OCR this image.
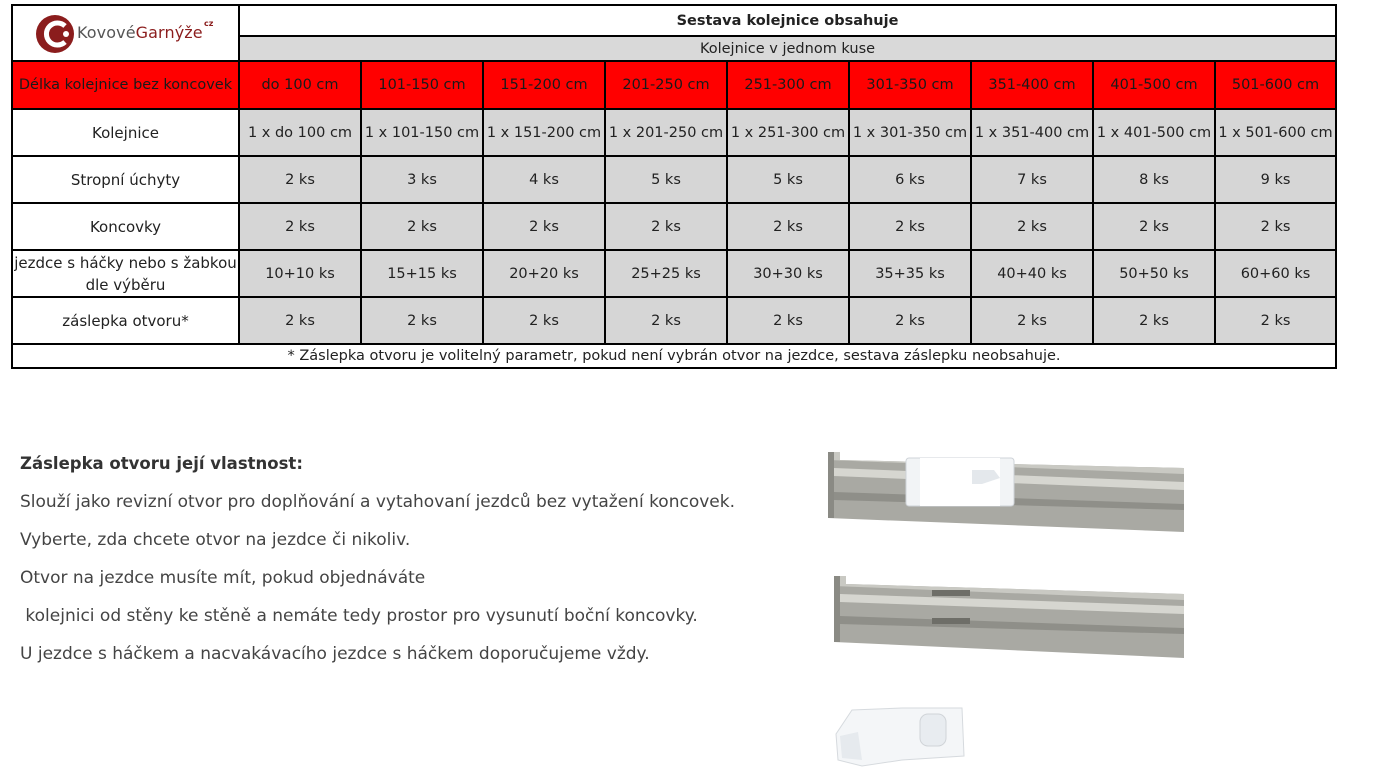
KovovéGarnýže cz	Sestava kolejnice obsahuje								
	Kolejnice v jednom kuse								
Délka kolejnice bez koncovek	do 100 cm	101-150 cm	151-200 cm	201-250 cm	251-300 cm	301-350 cm	351-400 cm	401-500 cm	501-600 cm
Kolejnice	1 x do 100 cm	1 x 101-150 cm	1 x 151-200 cm	1 x 201-250 cm	1 x 251-300 cm	1 x 301-350 cm	1 x 351-400 cm	1 x 401-500 cm	1 x 501-600 cm
Stropní úchyty	2 ks	3 ks	4 ks	5 ks	5 ks	6 ks	7 ks	8 ks	9 ks
Koncovky	2 ks	2 ks	2 ks	2 ks	2 ks	2 ks	2 ks	2 ks	2 ks
jezdce s háčky nebo s žabkou dle výběru	10+10 ks	15+15 ks	20+20 ks	25+25 ks	30+30 ks	35+35 ks	40+40 ks	50+50 ks	60+60 ks
záslepka otvoru*	2 ks	2 ks	2 ks	2 ks	2 ks	2 ks	2 ks	2 ks	2 ks
* Záslepka otvoru je volitelný parametr, pokud není vybrán otvor na jezdce, sestava záslepku neobsahuje.									
Záslepka otvoru její vlastnost:
Slouží jako revizní otvor pro doplňování a vytahovaní jezdců bez vytažení koncovek.
Vyberte, zda chcete otvor na jezdce či nikoliv.
Otvor na jezdce musíte mít, pokud objednáváte
kolejnici od stěny ke stěně a nemáte tedy prostor pro vysunutí boční koncovky.
U jezdce s háčkem a nacvakávacího jezdce s háčkem doporučujeme vždy.
